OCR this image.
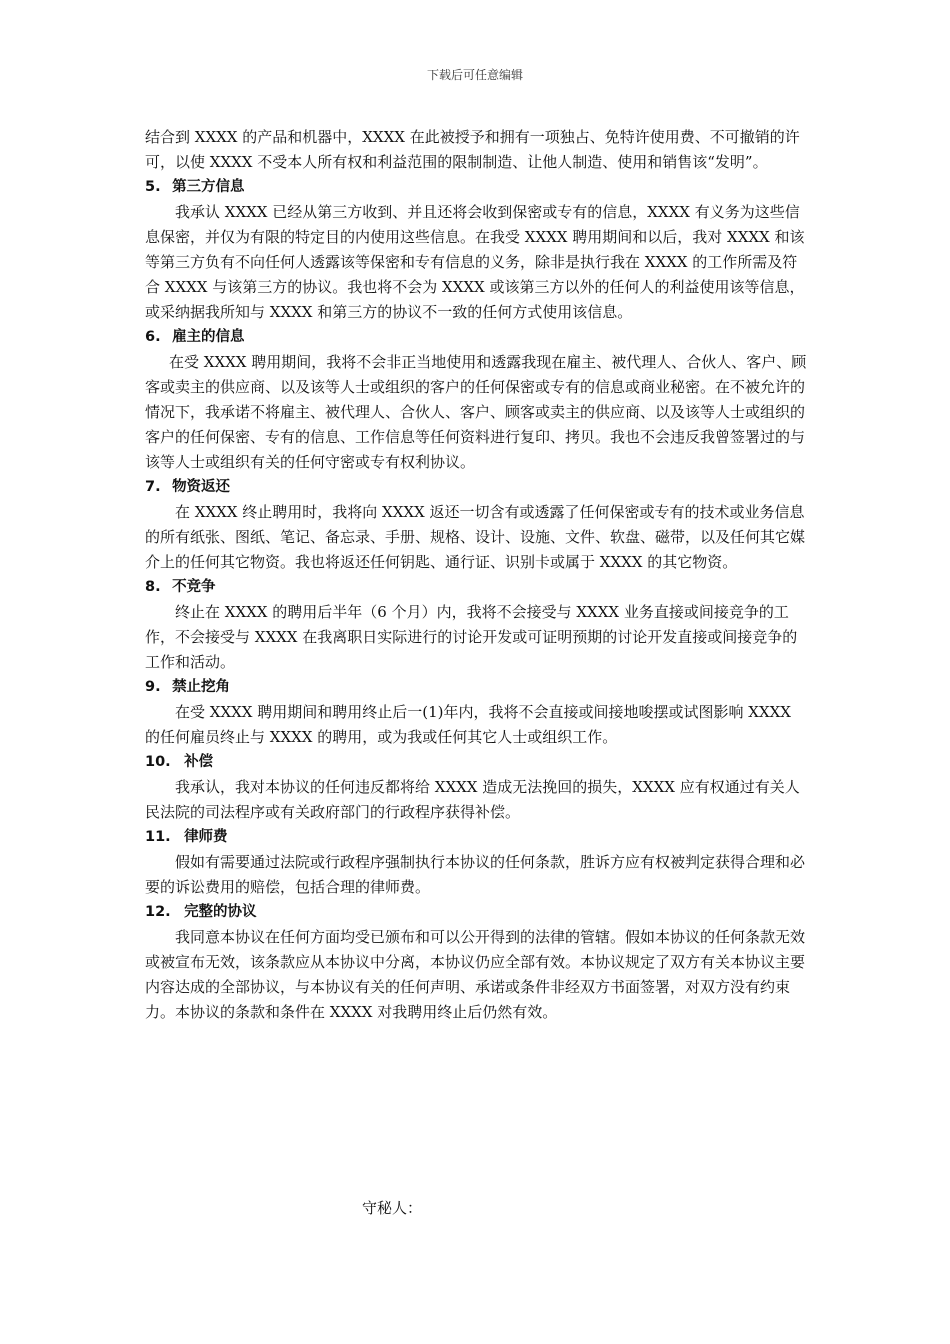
下载后可任意编辑

结合到 XXXX 的产品和机器中，XXXX 在此被授予和拥有一项独占、免特许使用费、不可撤销的许可，以使 XXXX 不受本人所有权和利益范围的限制制造、让他人制造、使用和销售该“发明”。

5. 第三方信息

我承认 XXXX 已经从第三方收到、并且还将会收到保密或专有的信息，XXXX 有义务为这些信息保密，并仅为有限的特定目的内使用这些信息。在我受 XXXX 聘用期间和以后，我对 XXXX 和该等第三方负有不向任何人透露该等保密和专有信息的义务，除非是执行我在 XXXX 的工作所需及符合 XXXX 与该第三方的协议。我也将不会为 XXXX 或该第三方以外的任何人的利益使用该等信息，或采纳据我所知与 XXXX 和第三方的协议不一致的任何方式使用该信息。

6. 雇主的信息

在受 XXXX 聘用期间，我将不会非正当地使用和透露我现在雇主、被代理人、合伙人、客户、顾客或卖主的供应商、以及该等人士或组织的客户的任何保密或专有的信息或商业秘密。在不被允许的情况下，我承诺不将雇主、被代理人、合伙人、客户、顾客或卖主的供应商、以及该等人士或组织的客户的任何保密、专有的信息、工作信息等任何资料进行复印、拷贝。我也不会违反我曾签署过的与该等人士或组织有关的任何守密或专有权利协议。

7. 物资返还

在 XXXX 终止聘用时，我将向 XXXX 返还一切含有或透露了任何保密或专有的技术或业务信息的所有纸张、图纸、笔记、备忘录、手册、规格、设计、设施、文件、软盘、磁带，以及任何其它媒介上的任何其它物资。我也将返还任何钥匙、通行证、识别卡或属于 XXXX 的其它物资。

8. 不竞争

终止在 XXXX 的聘用后半年（6 个月）内，我将不会接受与 XXXX 业务直接或间接竞争的工作，不会接受与 XXXX 在我离职日实际进行的讨论开发或可证明预期的讨论开发直接或间接竞争的工作和活动。

9. 禁止挖角

在受 XXXX 聘用期间和聘用终止后一(1)年内，我将不会直接或间接地唆摆或试图影响 XXXX 的任何雇员终止与 XXXX 的聘用，或为我或任何其它人士或组织工作。

10. 补偿

我承认，我对本协议的任何违反都将给 XXXX 造成无法挽回的损失，XXXX 应有权通过有关人民法院的司法程序或有关政府部门的行政程序获得补偿。

11. 律师费

假如有需要通过法院或行政程序强制执行本协议的任何条款，胜诉方应有权被判定获得合理和必要的诉讼费用的赔偿，包括合理的律师费。

12. 完整的协议

我同意本协议在任何方面均受已颁布和可以公开得到的法律的管辖。假如本协议的任何条款无效或被宣布无效，该条款应从本协议中分离，本协议仍应全部有效。本协议规定了双方有关本协议主要内容达成的全部协议，与本协议有关的任何声明、承诺或条件非经双方书面签署，对双方没有约束力。本协议的条款和条件在 XXXX 对我聘用终止后仍然有效。

守秘人：
